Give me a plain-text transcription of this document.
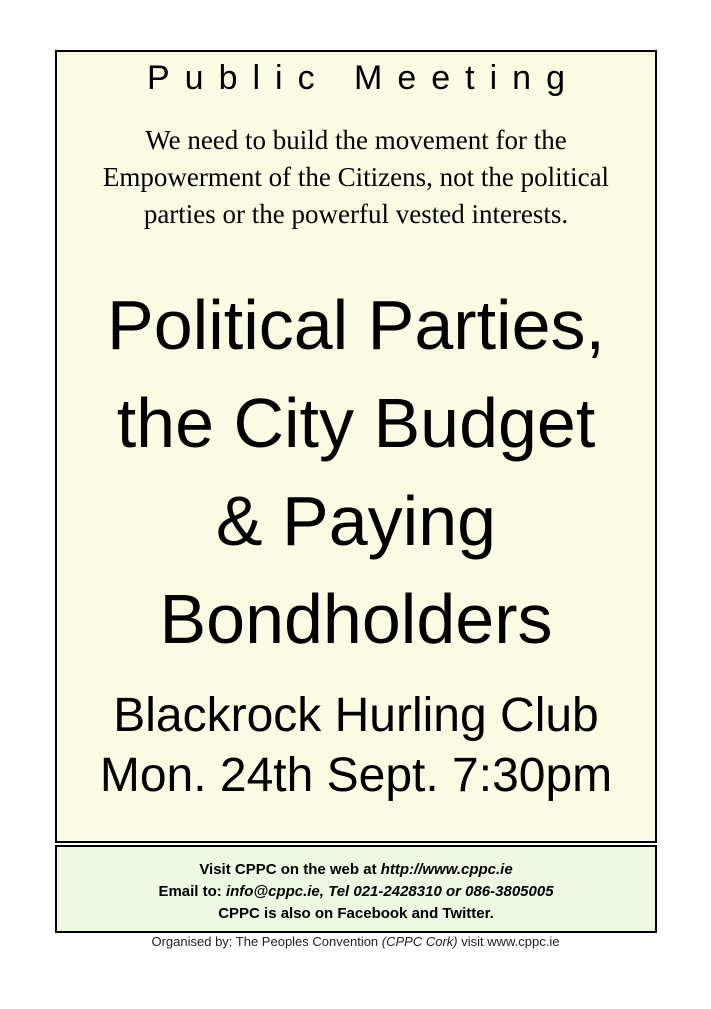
Public Meeting
We need to build the movement for the
Empowerment of the Citizens, not the political
parties or the powerful vested interests.
Political Parties,
the City Budget
& Paying
Bondholders
Blackrock Hurling Club
Mon. 24th Sept. 7:30pm
Visit CPPC on the web at http://www.cppc.ie
Email to: info@cppc.ie, Tel 021-2428310 or 086-3805005
CPPC is also on Facebook and Twitter.
Organised by: The Peoples Convention (CPPC Cork) visit www.cppc.ie
